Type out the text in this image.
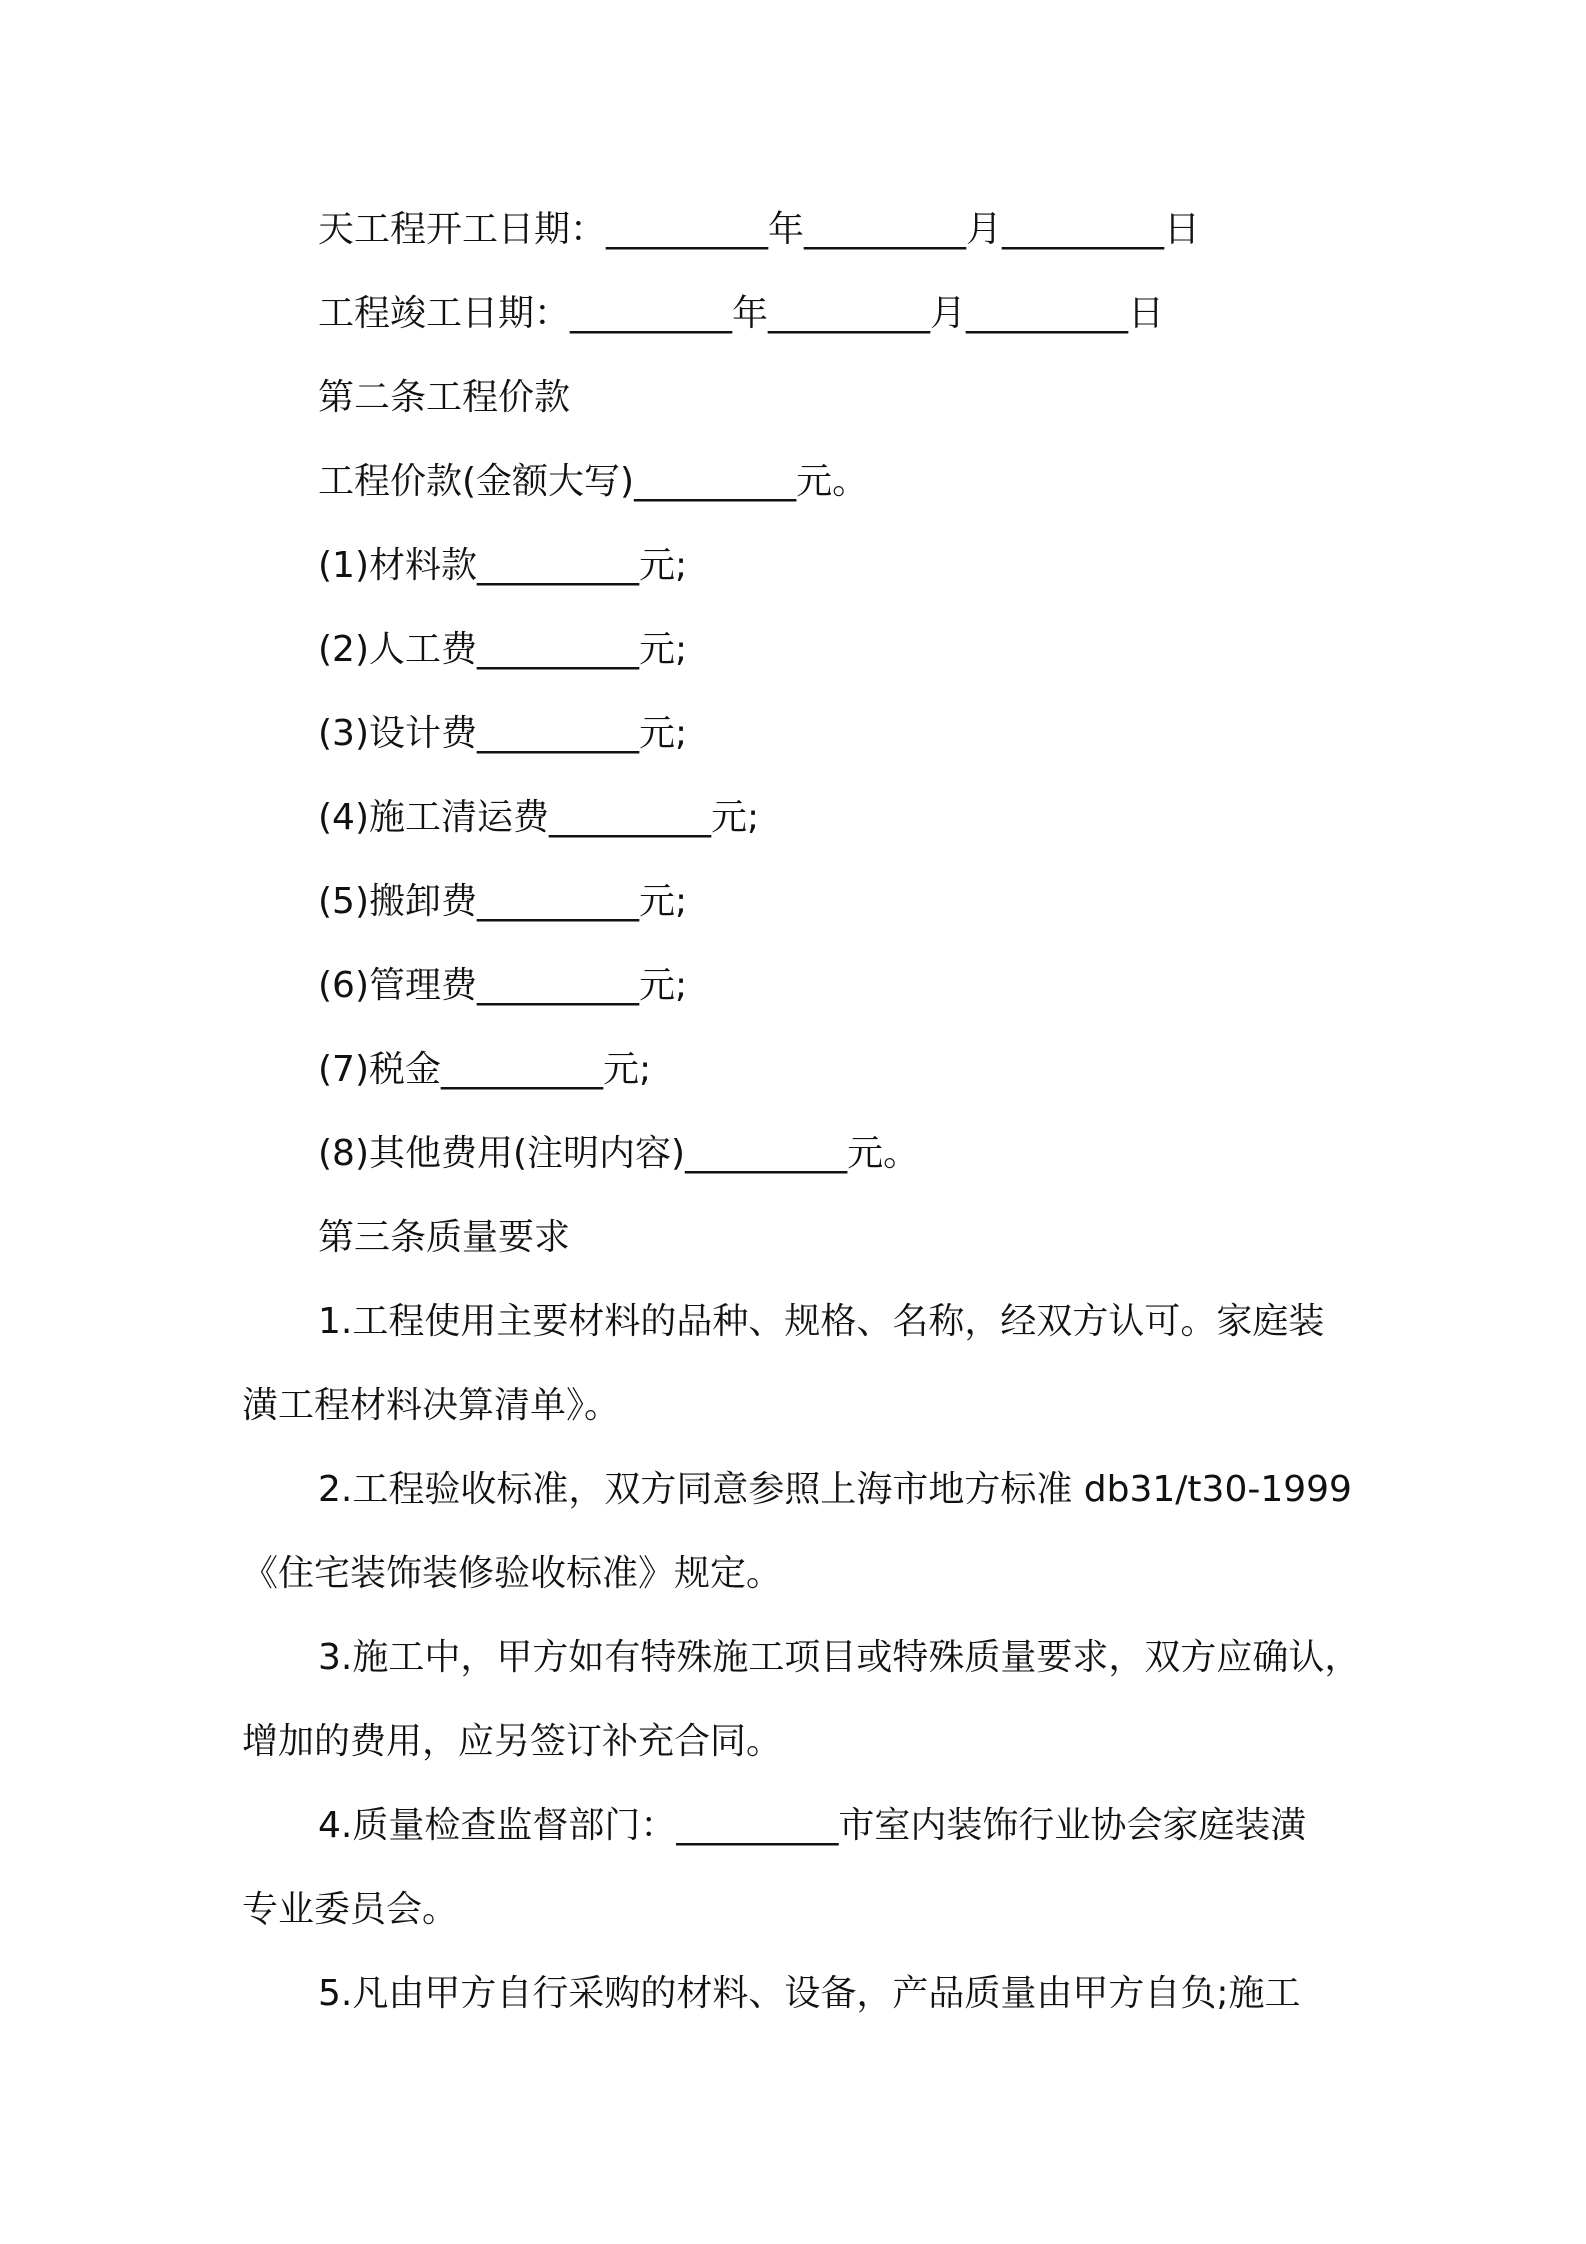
天工程开工日期：_________年_________月_________日
工程竣工日期：_________年_________月_________日
第二条工程价款
工程价款(金额大写)_________元。
(1)材料款_________元;
(2)人工费_________元;
(3)设计费_________元;
(4)施工清运费_________元;
(5)搬卸费_________元;
(6)管理费_________元;
(7)税金_________元;
(8)其他费用(注明内容)_________元。
第三条质量要求
1.工程使用主要材料的品种、规格、名称，经双方认可。家庭装
潢工程材料决算清单》。
2.工程验收标准，双方同意参照上海市地方标准 db31/t30-1999
《住宅装饰装修验收标准》规定。
3.施工中，甲方如有特殊施工项目或特殊质量要求，双方应确认，
增加的费用，应另签订补充合同。
4.质量检查监督部门：_________市室内装饰行业协会家庭装潢
专业委员会。
5.凡由甲方自行采购的材料、设备，产品质量由甲方自负;施工
